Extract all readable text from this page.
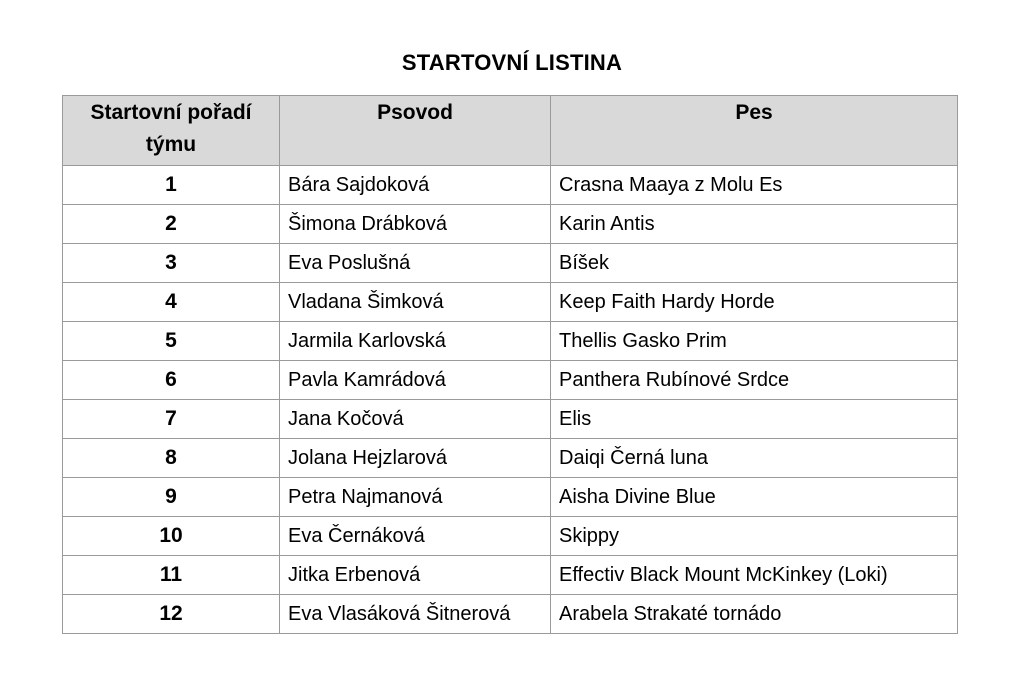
STARTOVNÍ LISTINA
Startovní pořadí
týmu	Psovod	Pes
1	Bára Sajdoková	Crasna Maaya z Molu Es
2	Šimona Drábková	Karin Antis
3	Eva Poslušná	Bíšek
4	Vladana Šimková	Keep Faith Hardy Horde
5	Jarmila Karlovská	Thellis Gasko Prim
6	Pavla Kamrádová	Panthera Rubínové Srdce
7	Jana Kočová	Elis
8	Jolana Hejzlarová	Daiqi Černá luna
9	Petra Najmanová	Aisha Divine Blue
10	Eva Černáková	Skippy
11	Jitka Erbenová	Effectiv Black Mount McKinkey (Loki)
12	Eva Vlasáková Šitnerová	Arabela Strakaté tornádo
